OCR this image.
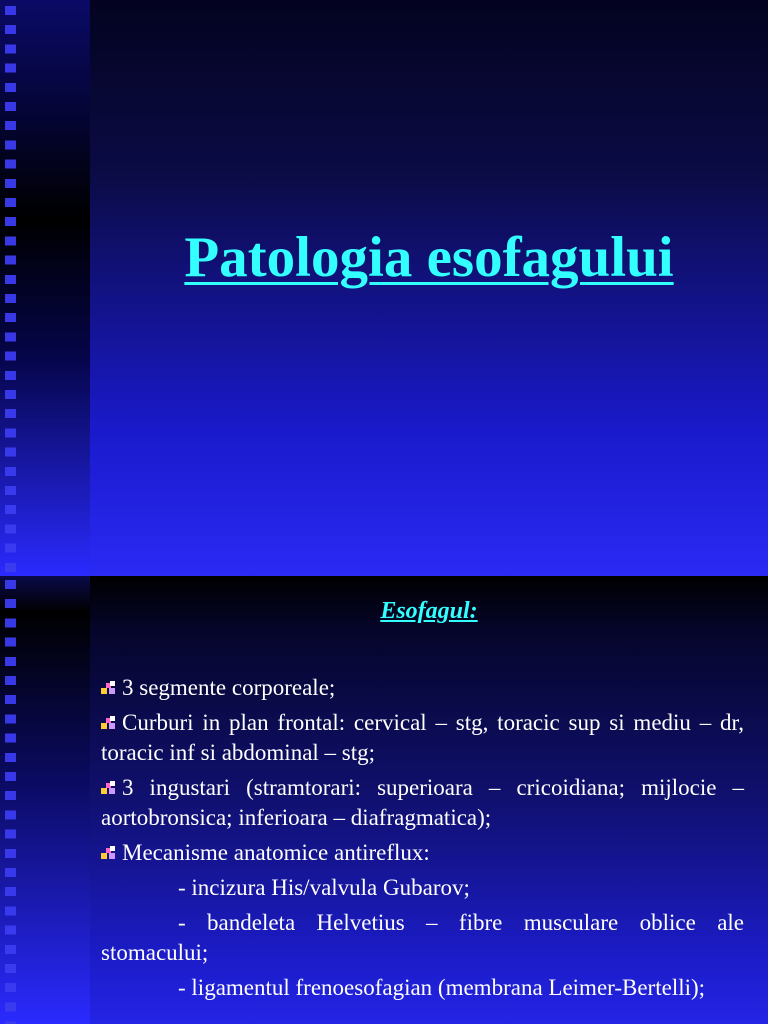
Patologia esofagului
Esofagul:

3 segmente corporeale;

Curburi in plan frontal: cervical – stg, toracic sup si mediu – dr, toracic inf si abdominal – stg;

3 ingustari (stramtorari: superioara – cricoidiana; mijlocie – aortobronsica; inferioara – diafragmatica);

Mecanisme anatomice antireflux:

- incizura His/valvula Gubarov;

- bandeleta Helvetius – fibre musculare oblice ale stomacului;

- ligamentul frenoesofagian (membrana Leimer-Bertelli);
